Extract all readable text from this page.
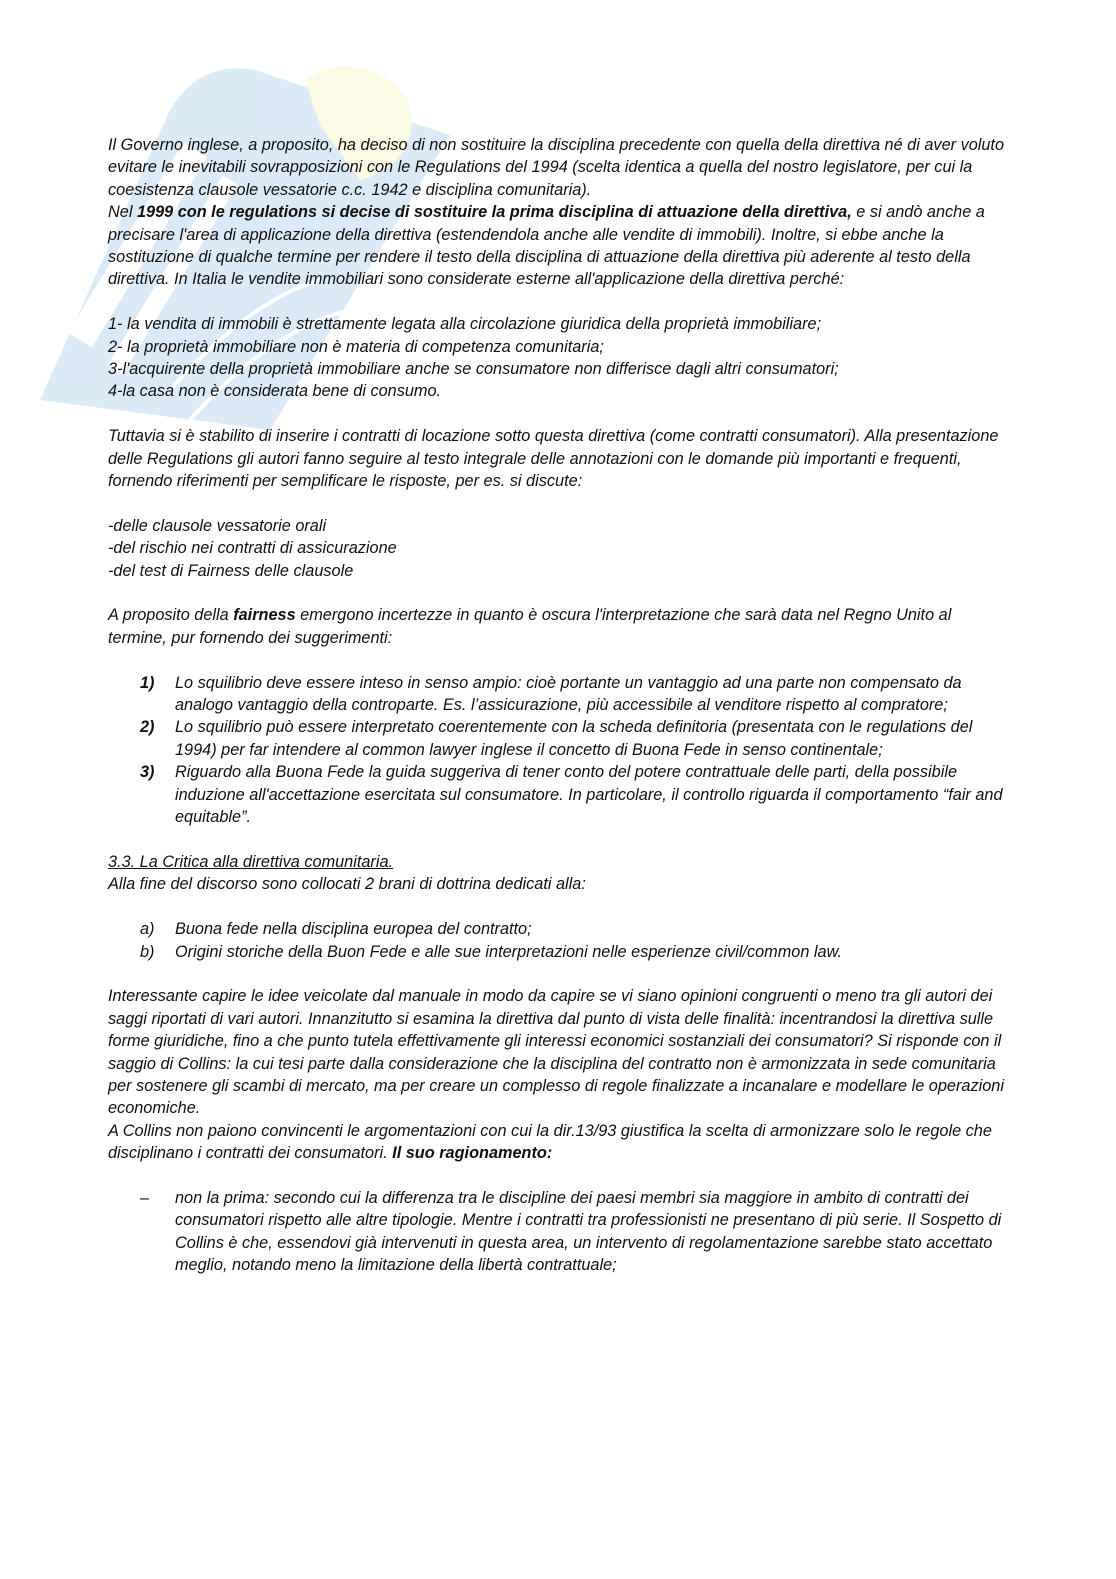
Il Governo inglese, a proposito, ha deciso di non sostituire la disciplina precedente con quella della direttiva né di aver voluto evitare le inevitabili sovrapposizioni con le Regulations del 1994 (scelta identica a quella del nostro legislatore, per cui la coesistenza clausole vessatorie c.c. 1942 e disciplina comunitaria).

Nel 1999 con le regulations si decise di sostituire la prima disciplina di attuazione della direttiva, e si andò anche a precisare l'area di applicazione della direttiva (estendendola anche alle vendite di immobili). Inoltre, si ebbe anche la sostituzione di qualche termine per rendere il testo della disciplina di attuazione della direttiva più aderente al testo della direttiva. In Italia le vendite immobiliari sono considerate esterne all'applicazione della direttiva perché:

1- la vendita di immobili è strettamente legata alla circolazione giuridica della proprietà immobiliare;

2- la proprietà immobiliare non è materia di competenza comunitaria;

3-l'acquirente della proprietà immobiliare anche se consumatore non differisce dagli altri consumatori;

4-la casa non è considerata bene di consumo.

Tuttavia si è stabilito di inserire i contratti di locazione sotto questa direttiva (come contratti consumatori). Alla presentazione delle Regulations gli autori fanno seguire al testo integrale delle annotazioni con le domande più importanti e frequenti, fornendo riferimenti per semplificare le risposte, per es. si discute:

-delle clausole vessatorie orali

-del rischio nei contratti di assicurazione

-del test di Fairness delle clausole

A proposito della fairness emergono incertezze in quanto è oscura l'interpretazione che sarà data nel Regno Unito al termine, pur fornendo dei suggerimenti:

1) Lo squilibrio deve essere inteso in senso ampio: cioè portante un vantaggio ad una parte non compensato da analogo vantaggio della controparte. Es. l’assicurazione, più accessibile al venditore rispetto al compratore;
2) Lo squilibrio può essere interpretato coerentemente con la scheda definitoria (presentata con le regulations del 1994) per far intendere al common lawyer inglese il concetto di Buona Fede in senso continentale;
3) Riguardo alla Buona Fede la guida suggeriva di tener conto del potere contrattuale delle parti, della possibile induzione all'accettazione esercitata sul consumatore. In particolare, il controllo riguarda il comportamento “fair and equitable”.

3.3. La Critica alla direttiva comunitaria.

Alla fine del discorso sono collocati 2 brani di dottrina dedicati alla:

a) Buona fede nella disciplina europea del contratto;
b) Origini storiche della Buon Fede e alle sue interpretazioni nelle esperienze civil/common law.

Interessante capire le idee veicolate dal manuale in modo da capire se vi siano opinioni congruenti o meno tra gli autori dei saggi riportati di vari autori. Innanzitutto si esamina la direttiva dal punto di vista delle finalità: incentrandosi la direttiva sulle forme giuridiche, fino a che punto tutela effettivamente gli interessi economici sostanziali dei consumatori? Si risponde con il saggio di Collins: la cui tesi parte dalla considerazione che la disciplina del contratto non è armonizzata in sede comunitaria per sostenere gli scambi di mercato, ma per creare un complesso di regole finalizzate a incanalare e modellare le operazioni economiche.

A Collins non paiono convincenti le argomentazioni con cui la dir.13/93 giustifica la scelta di armonizzare solo le regole che disciplinano i contratti dei consumatori. Il suo ragionamento:

– non la prima: secondo cui la differenza tra le discipline dei paesi membri sia maggiore in ambito di contratti dei consumatori rispetto alle altre tipologie. Mentre i contratti tra professionisti ne presentano di più serie. Il Sospetto di Collins è che, essendovi già intervenuti in questa area, un intervento di regolamentazione sarebbe stato accettato meglio, notando meno la limitazione della libertà contrattuale;
